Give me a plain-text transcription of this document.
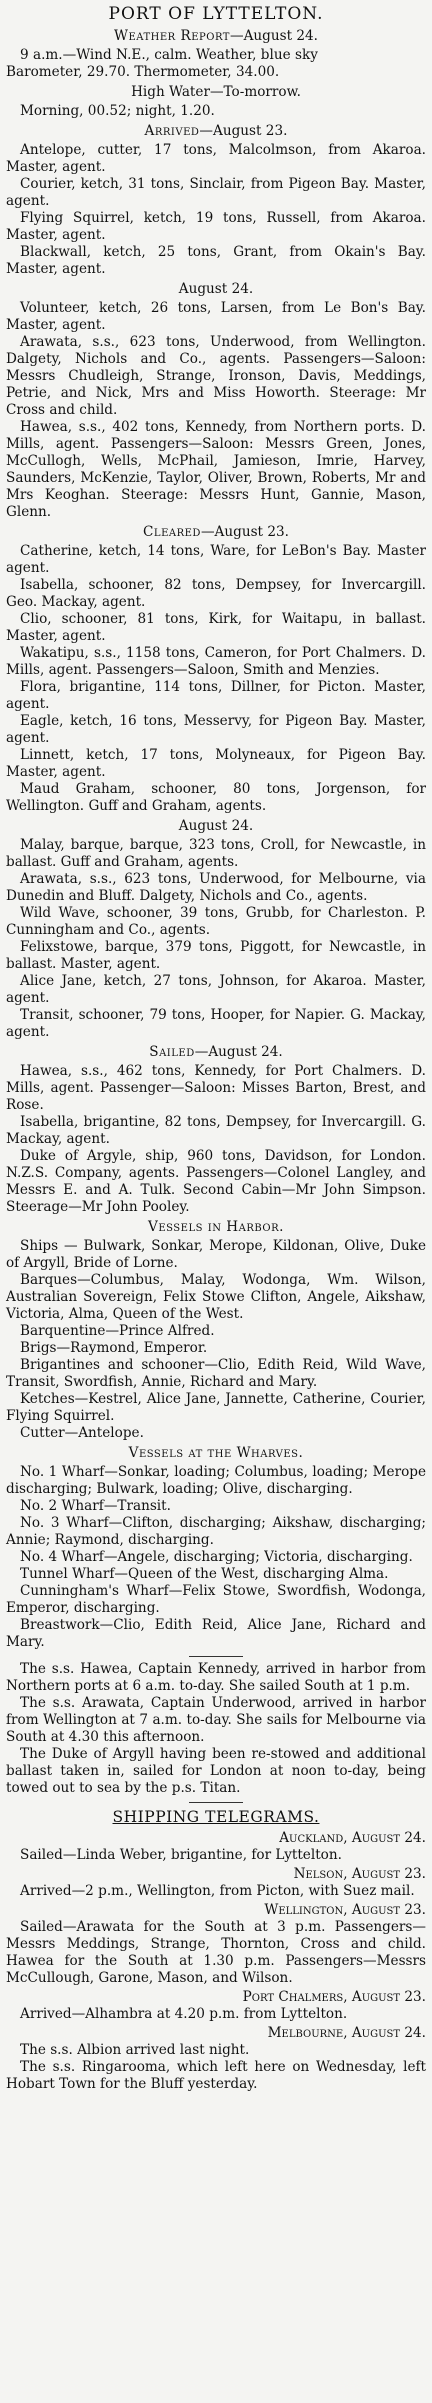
PORT OF LYTTELTON.
Weather Report—August 24.

9 a.m.—Wind N.E., calm. Weather, blue sky

Barometer, 29.70. Thermometer, 34.00.

High Water—To-morrow.

Morning, 00.52; night, 1.20.

Arrived—August 23.

Antelope, cutter, 17 tons, Malcolmson, from Akaroa. Master, agent.

Courier, ketch, 31 tons, Sinclair, from Pigeon Bay. Master, agent.

Flying Squirrel, ketch, 19 tons, Russell, from Akaroa. Master, agent.

Blackwall, ketch, 25 tons, Grant, from Okain's Bay. Master, agent.

August 24.

Volunteer, ketch, 26 tons, Larsen, from Le Bon's Bay. Master, agent.

Arawata, s.s., 623 tons, Underwood, from Wellington. Dalgety, Nichols and Co., agents. Passengers—Saloon: Messrs Chudleigh, Strange, Ironson, Davis, Meddings, Petrie, and Nick, Mrs and Miss Howorth. Steerage: Mr Cross and child.

Hawea, s.s., 402 tons, Kennedy, from Northern ports. D. Mills, agent. Passengers—Saloon: Messrs Green, Jones, McCullogh, Wells, McPhail, Jamieson, Imrie, Harvey, Saunders, McKenzie, Taylor, Oliver, Brown, Roberts, Mr and Mrs Keoghan. Steerage: Messrs Hunt, Gannie, Mason, Glenn.

Cleared—August 23.

Catherine, ketch, 14 tons, Ware, for LeBon's Bay. Master agent.

Isabella, schooner, 82 tons, Dempsey, for Invercargill. Geo. Mackay, agent.

Clio, schooner, 81 tons, Kirk, for Waitapu, in ballast. Master, agent.

Wakatipu, s.s., 1158 tons, Cameron, for Port Chalmers. D. Mills, agent. Passengers—Saloon, Smith and Menzies.

Flora, brigantine, 114 tons, Dillner, for Picton. Master, agent.

Eagle, ketch, 16 tons, Messervy, for Pigeon Bay. Master, agent.

Linnett, ketch, 17 tons, Molyneaux, for Pigeon Bay. Master, agent.

Maud Graham, schooner, 80 tons, Jorgenson, for Wellington. Guff and Graham, agents.

August 24.

Malay, barque, barque, 323 tons, Croll, for Newcastle, in ballast. Guff and Graham, agents.

Arawata, s.s., 623 tons, Underwood, for Melbourne, via Dunedin and Bluff. Dalgety, Nichols and Co., agents.

Wild Wave, schooner, 39 tons, Grubb, for Charleston. P. Cunningham and Co., agents.

Felixstowe, barque, 379 tons, Piggott, for Newcastle, in ballast. Master, agent.

Alice Jane, ketch, 27 tons, Johnson, for Akaroa. Master, agent.

Transit, schooner, 79 tons, Hooper, for Napier. G. Mackay, agent.

Sailed—August 24.

Hawea, s.s., 462 tons, Kennedy, for Port Chalmers. D. Mills, agent. Passenger—Saloon: Misses Barton, Brest, and Rose.

Isabella, brigantine, 82 tons, Dempsey, for Invercargill. G. Mackay, agent.

Duke of Argyle, ship, 960 tons, Davidson, for London. N.Z.S. Company, agents. Passengers—Colonel Langley, and Messrs E. and A. Tulk. Second Cabin—Mr John Simpson. Steerage—Mr John Pooley.

Vessels in Harbor.

Ships — Bulwark, Sonkar, Merope, Kildonan, Olive, Duke of Argyll, Bride of Lorne.

Barques—Columbus, Malay, Wodonga, Wm. Wilson, Australian Sovereign, Felix Stowe Clifton, Angele, Aikshaw, Victoria, Alma, Queen of the West.

Barquentine—Prince Alfred.

Brigs—Raymond, Emperor.

Brigantines and schooner—Clio, Edith Reid, Wild Wave, Transit, Swordfish, Annie, Richard and Mary.

Ketches—Kestrel, Alice Jane, Jannette, Catherine, Courier, Flying Squirrel.

Cutter—Antelope.

Vessels at the Wharves.

No. 1 Wharf—Sonkar, loading; Columbus, loading; Merope discharging; Bulwark, loading; Olive, discharging.

No. 2 Wharf—Transit.

No. 3 Wharf—Clifton, discharging; Aikshaw, discharging; Annie; Raymond, discharging.

No. 4 Wharf—Angele, discharging; Victoria, discharging.

Tunnel Wharf—Queen of the West, discharging Alma.

Cunningham's Wharf—Felix Stowe, Swordfish, Wodonga, Emperor, discharging.

Breastwork—Clio, Edith Reid, Alice Jane, Richard and Mary.

The s.s. Hawea, Captain Kennedy, arrived in harbor from Northern ports at 6 a.m. to-day. She sailed South at 1 p.m.

The s.s. Arawata, Captain Underwood, arrived in harbor from Wellington at 7 a.m. to-day. She sails for Melbourne via South at 4.30 this afternoon.

The Duke of Argyll having been re-stowed and additional ballast taken in, sailed for London at noon to-day, being towed out to sea by the p.s. Titan.

SHIPPING TELEGRAMS.
Auckland, August 24.

Sailed—Linda Weber, brigantine, for Lyttelton.

Nelson, August 23.

Arrived—2 p.m., Wellington, from Picton, with Suez mail.

Wellington, August 23.

Sailed—Arawata for the South at 3 p.m. Passengers—Messrs Meddings, Strange, Thornton, Cross and child. Hawea for the South at 1.30 p.m. Passengers—Messrs McCullough, Garone, Mason, and Wilson.

Port Chalmers, August 23.

Arrived—Alhambra at 4.20 p.m. from Lyttelton.

Melbourne, August 24.

The s.s. Albion arrived last night.

The s.s. Ringarooma, which left here on Wednesday, left Hobart Town for the Bluff yesterday.
